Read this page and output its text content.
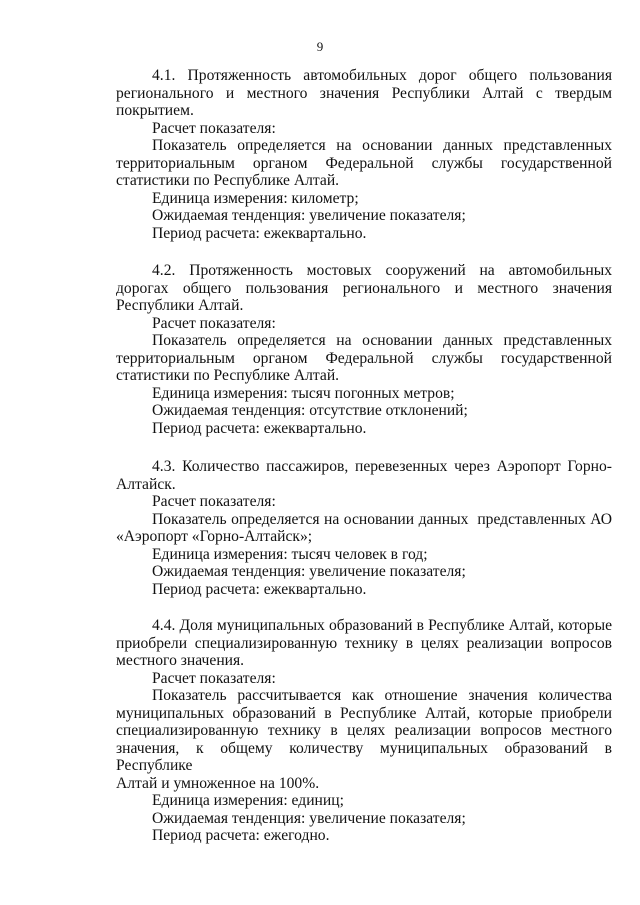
9

4.1. Протяженность автомобильных дорог общего пользования

регионального и местного значения Республики Алтай с твердым

покрытием.

Расчет показателя:

Показатель определяется на основании данных представленных

территориальным органом Федеральной службы государственной

статистики по Республике Алтай.

Единица измерения: километр;

Ожидаемая тенденция: увеличение показателя;

Период расчета: ежеквартально.

4.2. Протяженность мостовых сооружений на автомобильных

дорогах общего пользования регионального и местного значения

Республики Алтай.

Расчет показателя:

Показатель определяется на основании данных представленных

территориальным органом Федеральной службы государственной

статистики по Республике Алтай.

Единица измерения: тысяч погонных метров;

Ожидаемая тенденция: отсутствие отклонений;

Период расчета: ежеквартально.

4.3. Количество пассажиров, перевезенных через Аэропорт Горно-

Алтайск.

Расчет показателя:

Показатель определяется на основании данных  представленных АО

«Аэропорт «Горно-Алтайск»;

Единица измерения: тысяч человек в год;

Ожидаемая тенденция: увеличение показателя;

Период расчета: ежеквартально.

4.4. Доля муниципальных образований в Республике Алтай, которые

приобрели специализированную технику в целях реализации вопросов

местного значения.

Расчет показателя:

Показатель рассчитывается как отношение значения количества

муниципальных образований в Республике Алтай, которые приобрели

специализированную технику в целях реализации вопросов местного

значения, к общему количеству муниципальных образований в Республике

Алтай и умноженное на 100%.

Единица измерения: единиц;

Ожидаемая тенденция: увеличение показателя;

Период расчета: ежегодно.
